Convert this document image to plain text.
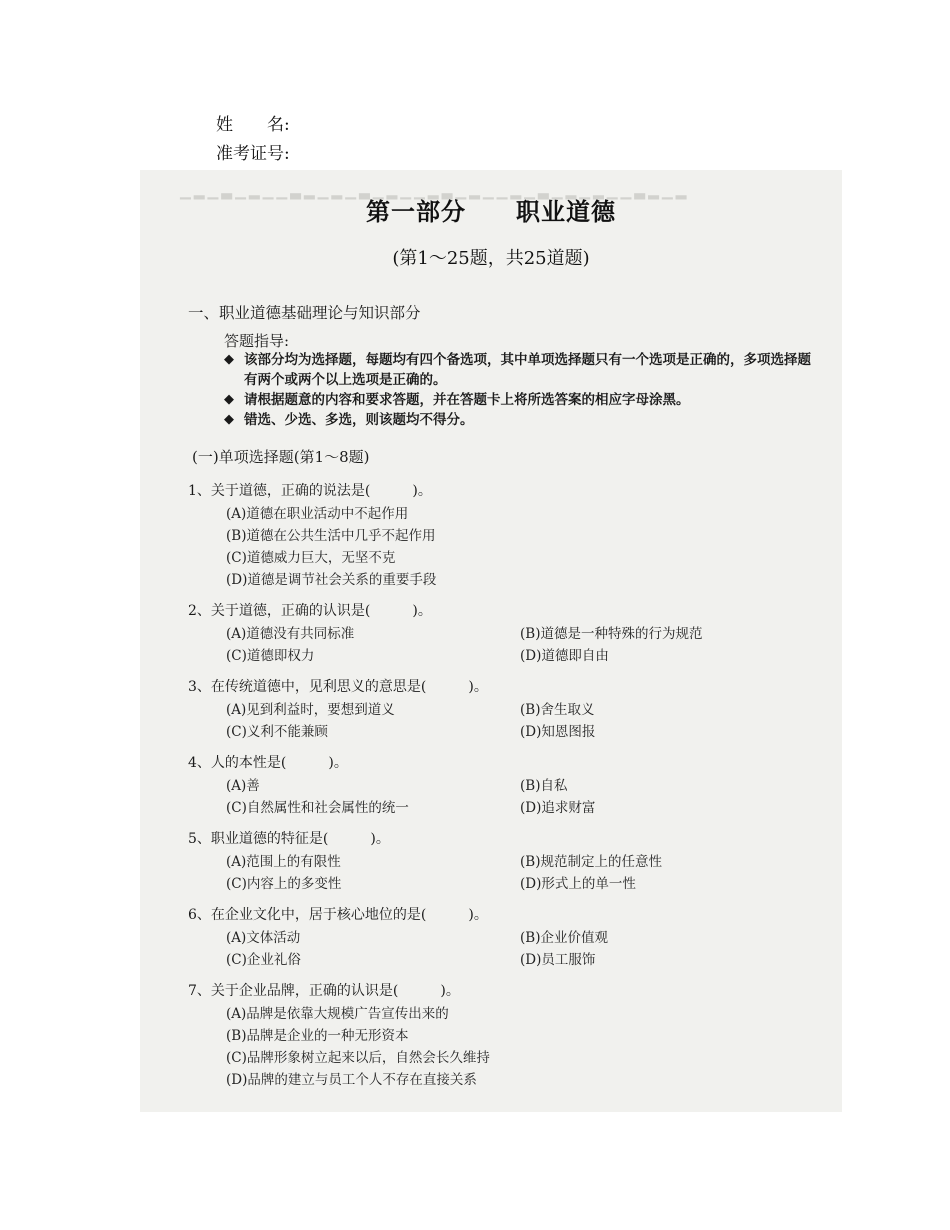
姓　　名:
准考证号:
▁▂▁▃▁▂▁▁▃▂▁▂▁▃▁▂▁▁▂▃▁▂▁▁▂▁▃▁▂▁▂▁▁▃▂▁▂
第一部分　　职业道德
(第1～25题，共25道题)
一、职业道德基础理论与知识部分
答题指导:
◆ 该部分均为选择题，每题均有四个备选项，其中单项选择题只有一个选项是正确的，多项选择题有两个或两个以上选项是正确的。
◆ 请根据题意的内容和要求答题，并在答题卡上将所选答案的相应字母涂黑。
◆ 错选、少选、多选，则该题均不得分。
(一)单项选择题(第1～8题)
1、关于道德，正确的说法是(　　　)。
(A)道德在职业活动中不起作用
(B)道德在公共生活中几乎不起作用
(C)道德威力巨大，无坚不克
(D)道德是调节社会关系的重要手段
2、关于道德，正确的认识是(　　　)。
(A)道德没有共同标准	(B)道德是一种特殊的行为规范
(C)道德即权力	(D)道德即自由
3、在传统道德中，见利思义的意思是(　　　)。
(A)见到利益时，要想到道义	(B)舍生取义
(C)义利不能兼顾	(D)知恩图报
4、人的本性是(　　　)。
(A)善	(B)自私
(C)自然属性和社会属性的统一	(D)追求财富
5、职业道德的特征是(　　　)。
(A)范围上的有限性	(B)规范制定上的任意性
(C)内容上的多变性	(D)形式上的单一性
6、在企业文化中，居于核心地位的是(　　　)。
(A)文体活动	(B)企业价值观
(C)企业礼俗	(D)员工服饰
7、关于企业品牌，正确的认识是(　　　)。
(A)品牌是依靠大规模广告宣传出来的
(B)品牌是企业的一种无形资本
(C)品牌形象树立起来以后，自然会长久维持
(D)品牌的建立与员工个人不存在直接关系
